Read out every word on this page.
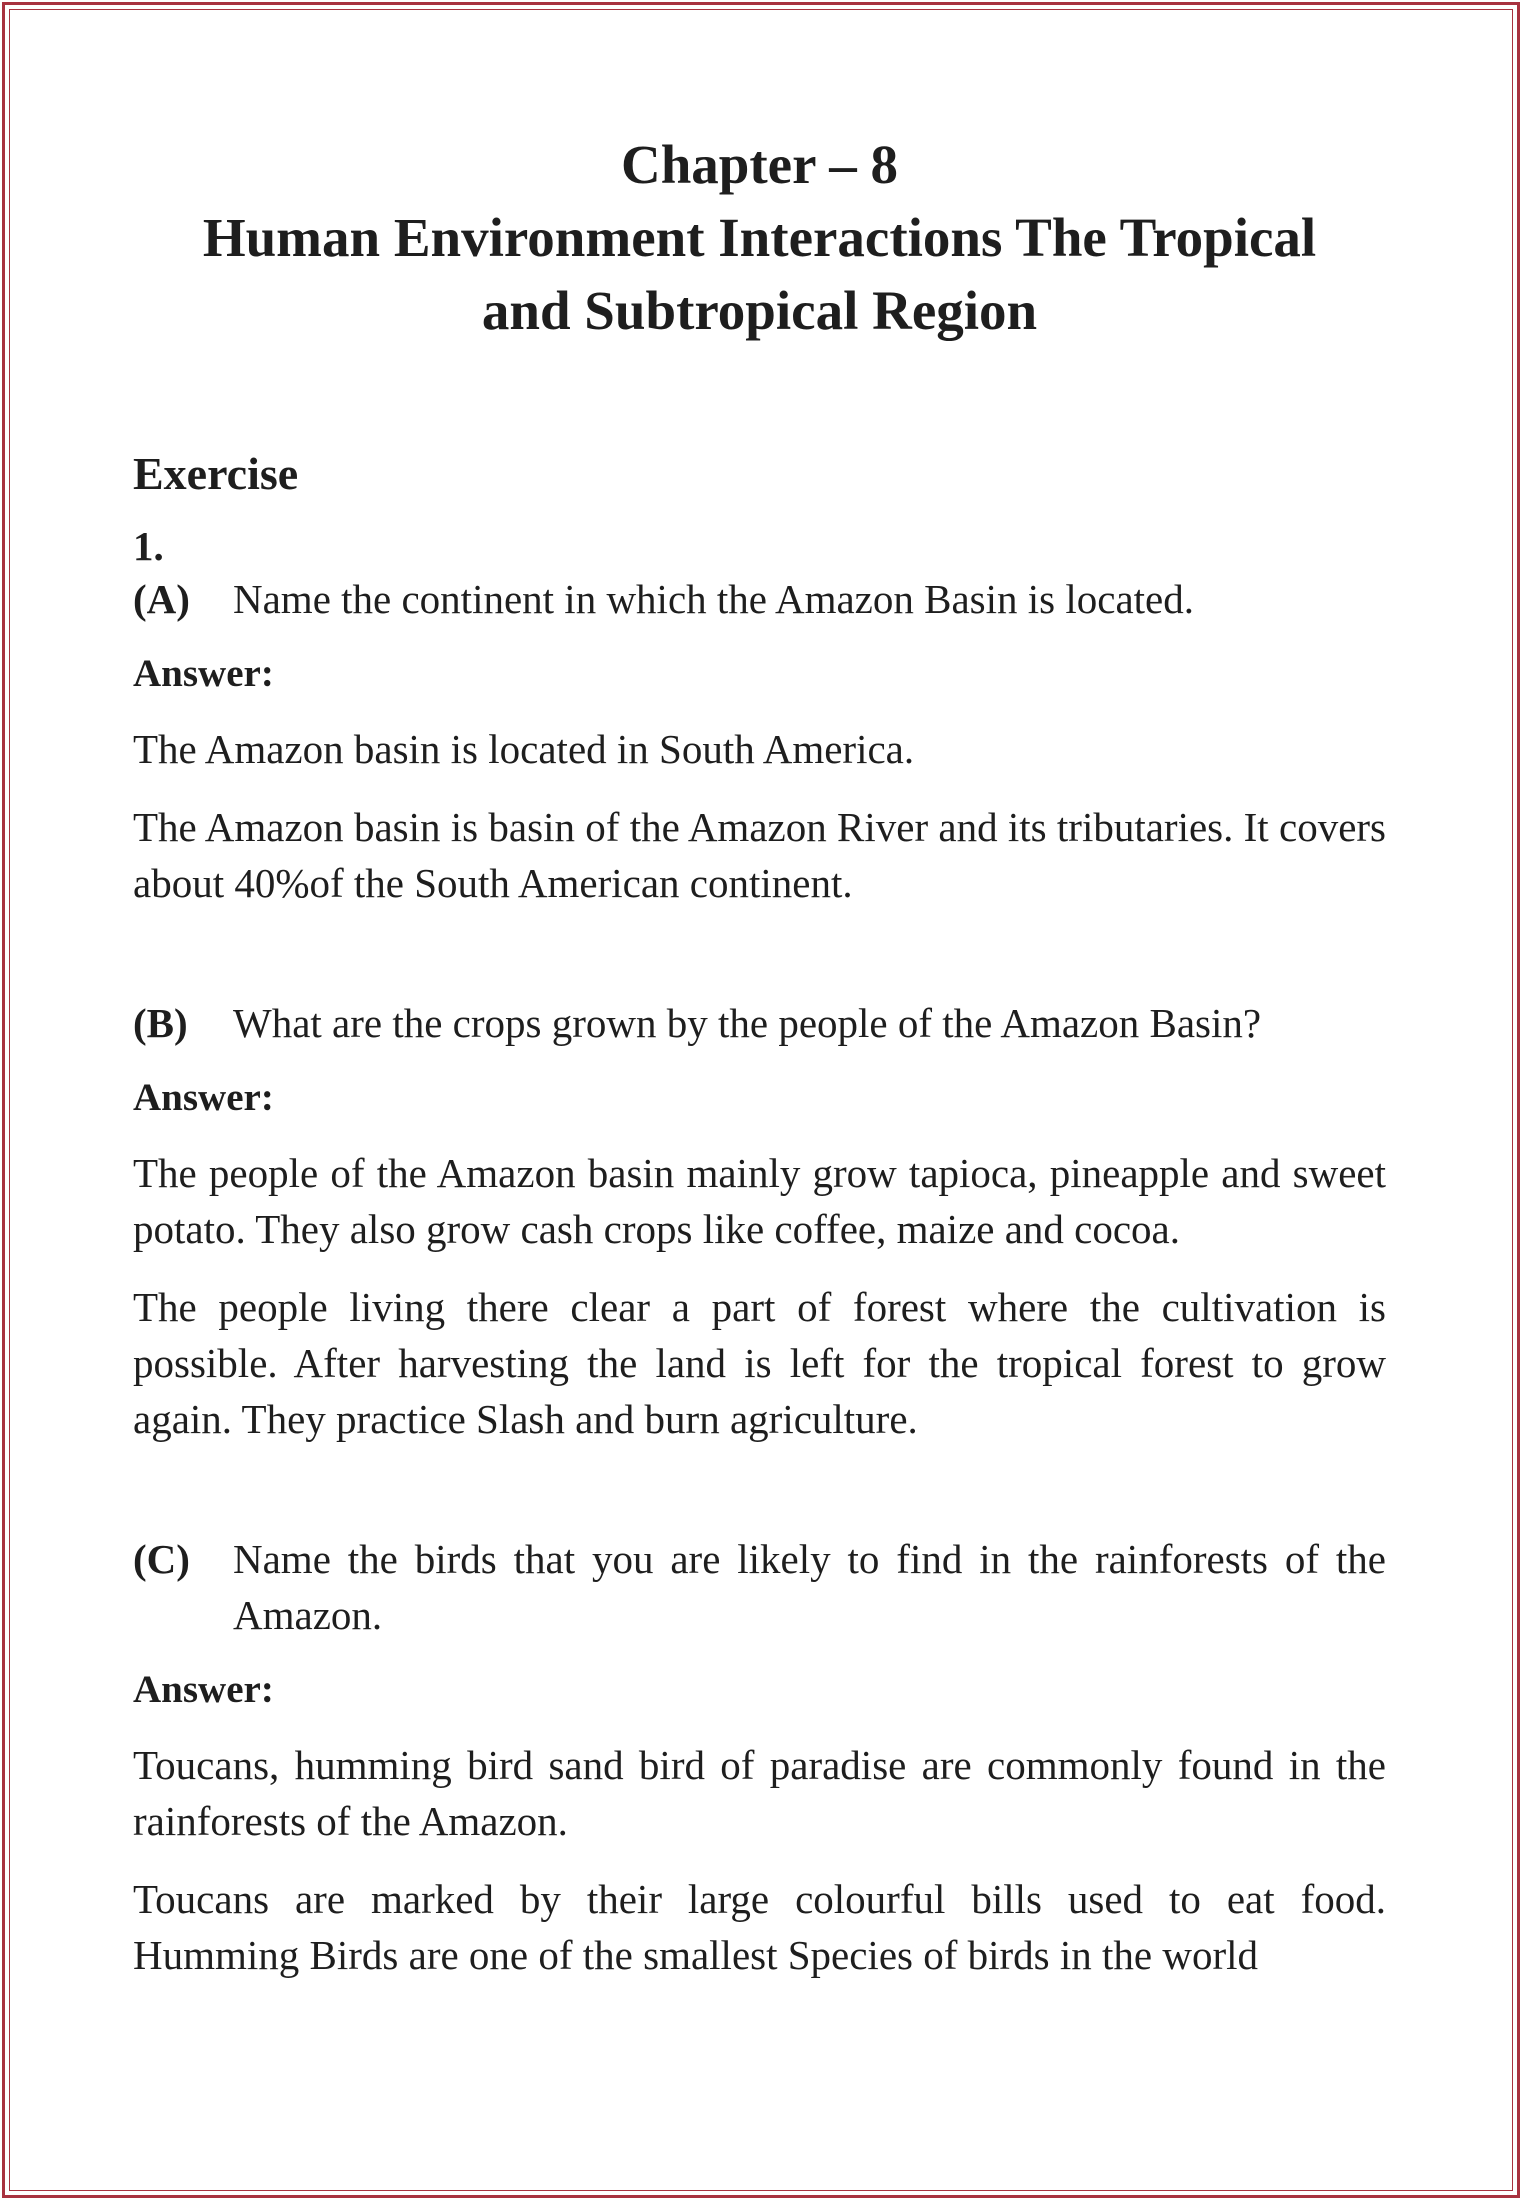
Chapter – 8
Human Environment Interactions The Tropical
and Subtropical Region
Exercise
1.
(A)	Name the continent in which the Amazon Basin is located.
Answer:

The Amazon basin is located in South America.

The Amazon basin is basin of the Amazon River and its tributaries. It covers about 40%of the South American continent.

(B)	What are the crops grown by the people of the Amazon Basin?
Answer:

The people of the Amazon basin mainly grow tapioca, pineapple and sweet potato. They also grow cash crops like coffee, maize and cocoa.

The people living there clear a part of forest where the cultivation is possible. After harvesting the land is left for the tropical forest to grow again. They practice Slash and burn agriculture.

(C)	Name the birds that you are likely to find in the rainforests of the Amazon.
Answer:

Toucans, humming bird sand bird of paradise are commonly found in the rainforests of the Amazon.

Toucans are marked by their large colourful bills used to eat food. Humming Birds are one of the smallest Species of birds in the world
